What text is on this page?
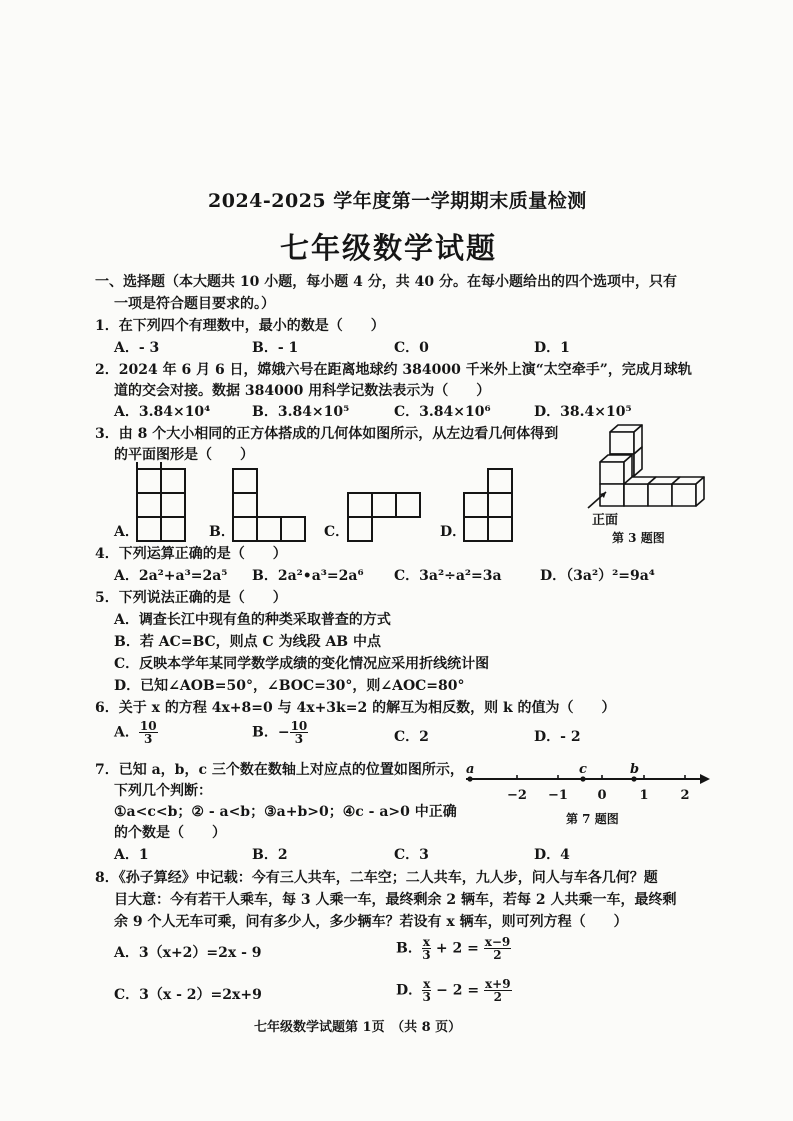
2024-2025 学年度第一学期期末质量检测
七年级数学试题
一、选择题（本大题共 10 小题，每小题 4 分，共 40 分。在每小题给出的四个选项中，只有
一项是符合题目要求的。）
1．在下列四个有理数中，最小的数是（　　）
A．- 3	B．- 1	C．0	D．1
2．2024 年 6 月 6 日，嫦娥六号在距离地球约 384000 千米外上演“太空牵手”，完成月球轨
道的交会对接。数据 384000 用科学记数法表示为（　　）
A．3.84×10⁴	B．3.84×10⁵	C．3.84×10⁶	D．38.4×10⁵
3．由 8 个大小相同的正方体搭成的几何体如图所示，从左边看几何体得到
的平面图形是（　　）
A．	B．	C．	D．
正面
第 3 题图
4．下列运算正确的是（　　）
A．2a²+a³=2a⁵ B．2a²•a³=2a⁶ C．3a²÷a²=3a	D．（3a²）²=9a⁴
5．下列说法正确的是（　　）
A．调查长江中现有鱼的种类采取普查的方式
B．若 AC=BC，则点 C 为线段 AB 中点
C．反映本学年某同学数学成绩的变化情况应采用折线统计图
D．已知∠AOB=50°，∠BOC=30°，则∠AOC=80°
6．关于 x 的方程 4x+8=0 与 4x+3k=2 的解互为相反数，则 k 的值为（　　）
A． $\frac{10}{3}$	B．− $\frac{10}{3}$	C．2	D．- 2
7．已知 a，b，c 三个数在数轴上对应点的位置如图所示，
下列几个判断：
①a<c<b；② - a<b；③a+b>0；④c - a>0 中正确
的个数是（　　）
A．1	B．2	C．3	D．4
a	c	b
−2 −1 0	1 2
第 7 题图
8．《孙子算经》中记载：今有三人共车，二车空；二人共车，九人步，问人与车各几何？题
目大意：今有若干人乘车，每 3 人乘一车，最终剩余 2 辆车，若每 2 人共乘一车，最终剩
余 9 个人无车可乘，问有多少人，多少辆车？若设有 x 辆车，则可列方程（　　）
A．3（x+2）=2x - 9	B． $\frac{x}{3} + 2 = \frac{x-9}{2}$
C．3（x - 2）=2x+9	D． $\frac{x}{3} - 2 = \frac{x+9}{2}$
七年级数学试题第 1页　（共 8 页）
